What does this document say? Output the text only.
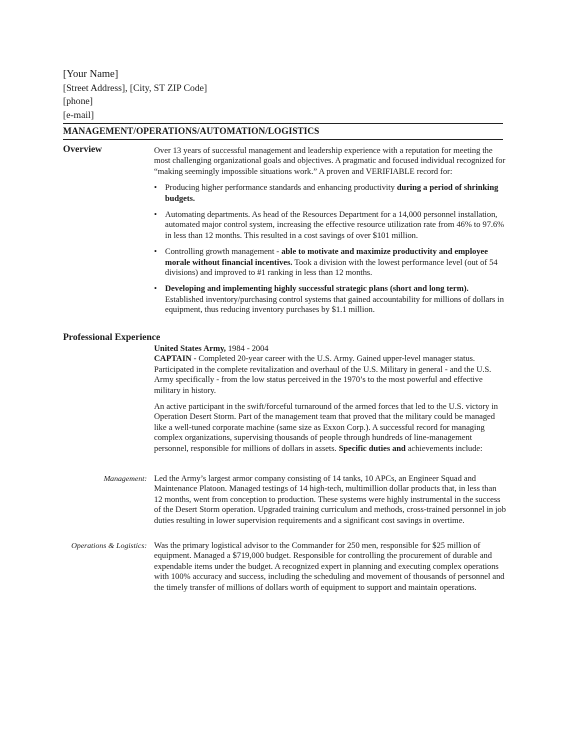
[Your Name]
[Street Address], [City, ST ZIP Code]
[phone]
[e-mail]
MANAGEMENT/OPERATIONS/AUTOMATION/LOGISTICS
Overview	Over 13 years of successful management and leadership experience with a reputation for meeting the most challenging organizational goals and objectives. A pragmatic and focused individual recognized for “making seemingly impossible situations work.” A proven and VERIFIABLE record for:

• Producing higher performance standards and enhancing productivity during a period of shrinking budgets.
• Automating departments. As head of the Resources Department for a 14,000 personnel installation, automated major control system, increasing the effective resource utilization rate from 46% to 97.6% in less than 12 months. This resulted in a cost savings of over $101 million.
• Controlling growth management - able to motivate and maximize productivity and employee morale without financial incentives. Took a division with the lowest performance level (out of 54 divisions) and improved to #1 ranking in less than 12 months.
• Developing and implementing highly successful strategic plans (short and long term). Established inventory/purchasing control systems that gained accountability for millions of dollars in equipment, thus reducing inventory purchases by $1.1 million.
Professional Experience

United States Army, 1984 - 2004

CAPTAIN - Completed 20-year career with the U.S. Army. Gained upper-level manager status. Participated in the complete revitalization and overhaul of the U.S. Military in general - and the U.S. Army specifically - from the low status perceived in the 1970’s to the most powerful and effective military in history.

An active participant in the swift/forceful turnaround of the armed forces that led to the U.S. victory in Operation Desert Storm. Part of the management team that proved that the military could be managed like a well-tuned corporate machine (same size as Exxon Corp.). A successful record for managing complex organizations, supervising thousands of people through hundreds of line-management personnel, responsible for millions of dollars in assets. Specific duties and achievements include:

Management: Led the Army’s largest armor company consisting of 14 tanks, 10 APCs, an Engineer Squad and Maintenance Platoon. Managed testings of 14 high-tech, multimillion dollar products that, in less than 12 months, went from conception to production. These systems were highly instrumental in the success of the Desert Storm operation. Upgraded training curriculum and methods, cross-trained personnel in job duties resulting in lower supervision requirements and a significant cost savings in overtime.

Operations & Logistics: Was the primary logistical advisor to the Commander for 250 men, responsible for $25 million of equipment. Managed a $719,000 budget. Responsible for controlling the procurement of durable and expendable items under the budget. A recognized expert in planning and executing complex operations with 100% accuracy and success, including the scheduling and movement of thousands of personnel and the timely transfer of millions of dollars worth of equipment to support and maintain operations.
